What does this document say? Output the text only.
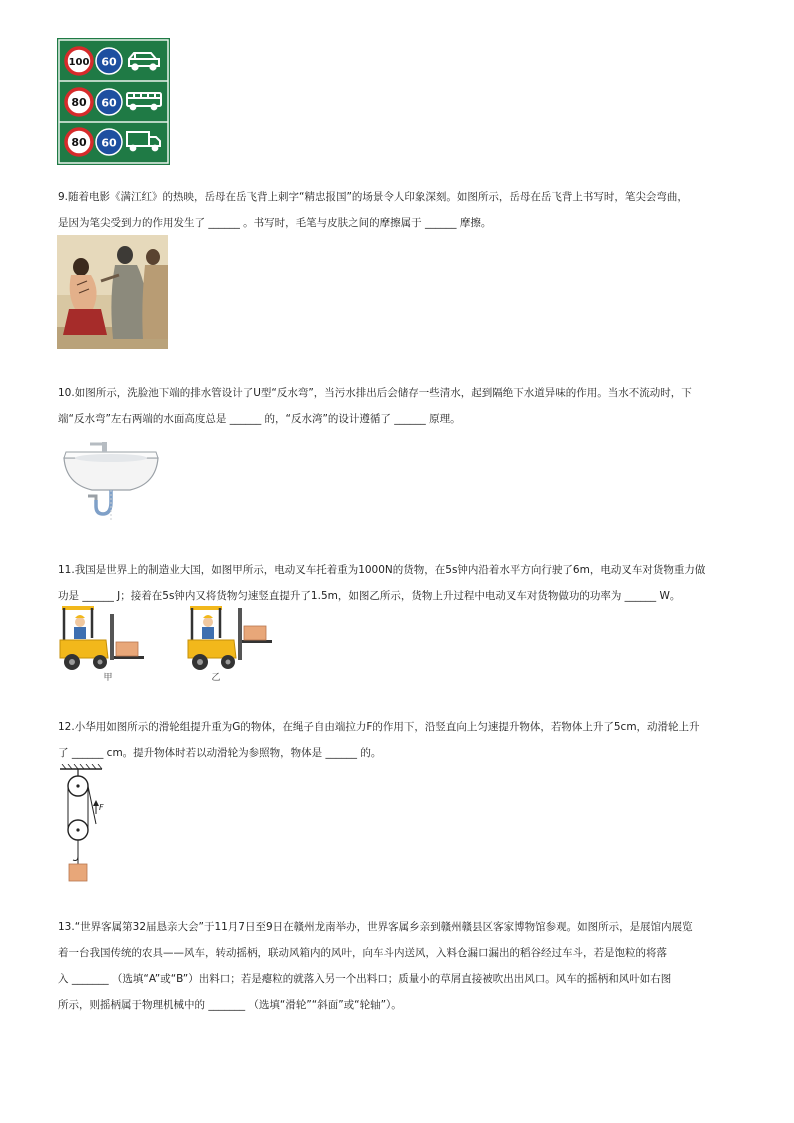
100 60
80 60
80 60
9.随着电影《满江红》的热映，岳母在岳飞背上刺字“精忠报国”的场景令人印象深刻。如图所示，岳母在岳飞背上书写时，笔尖会弯曲，
是因为笔尖受到力的作用发生了 ______ 。书写时，毛笔与皮肤之间的摩擦属于 ______ 摩擦。
10.如图所示，洗脸池下端的排水管设计了U型“反水弯”，当污水排出后会储存一些清水，起到隔绝下水道异味的作用。当水不流动时，下
端“反水弯”左右两端的水面高度总是 ______ 的，“反水湾”的设计遵循了 ______ 原理。
11.我国是世界上的制造业大国，如图甲所示，电动叉车托着重为1000N的货物，在5s钟内沿着水平方向行驶了6m，电动叉车对货物重力做
功是 ______ J；接着在5s钟内又将货物匀速竖直提升了1.5m，如图乙所示，货物上升过程中电动叉车对货物做功的功率为 ______ W。
甲	乙
12.小华用如图所示的滑轮组提升重为G的物体，在绳子自由端拉力F的作用下，沿竖直向上匀速提升物体，若物体上升了5cm，动滑轮上升
了 ______ cm。提升物体时若以动滑轮为参照物，物体是 ______ 的。
F
13.“世界客属第32届恳亲大会”于11月7日至9日在赣州龙南举办，世界客属乡亲到赣州赣县区客家博物馆参观。如图所示，是展馆内展览
着一台我国传统的农具——风车，转动摇柄，联动风箱内的风叶，向车斗内送风，入料仓漏口漏出的稻谷经过车斗，若是饱粒的将落
入 _______ （选填“A”或“B”）出料口；若是瘪粒的就落入另一个出料口；质量小的草屑直接被吹出出风口。风车的摇柄和风叶如右图
所示，则摇柄属于物理机械中的 _______ （选填“滑轮”“斜面”或“轮轴”）。
